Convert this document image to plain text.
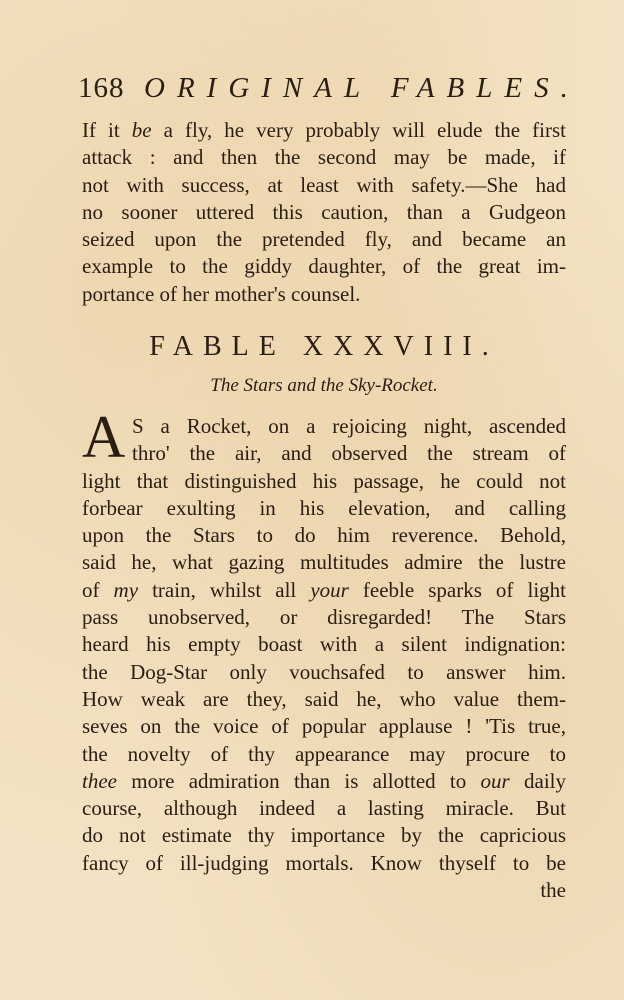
168 ORIGINAL FABLES.
If it be a fly, he very probably will elude the first
attack : and then the second may be made, if
not with success, at least with safety.—She had
no sooner uttered this caution, than a Gudgeon
seized upon the pretended fly, and became an
example to the giddy daughter, of the great im-
portance of her mother's counsel.
FABLE XXXVIII.
The Stars and the Sky-Rocket.
A S a Rocket, on a rejoicing night, ascended
thro' the air, and observed the stream of
light that distinguished his passage, he could not
forbear exulting in his elevation, and calling
upon the Stars to do him reverence. Behold,
said he, what gazing multitudes admire the lustre
of my train, whilst all your feeble sparks of light
pass unobserved, or disregarded! The Stars
heard his empty boast with a silent indignation:
the Dog-Star only vouchsafed to answer him.
How weak are they, said he, who value them-
seves on the voice of popular applause ! 'Tis true,
the novelty of thy appearance may procure to
thee more admiration than is allotted to our daily
course, although indeed a lasting miracle. But
do not estimate thy importance by the capricious
fancy of ill-judging mortals. Know thyself to be
the
